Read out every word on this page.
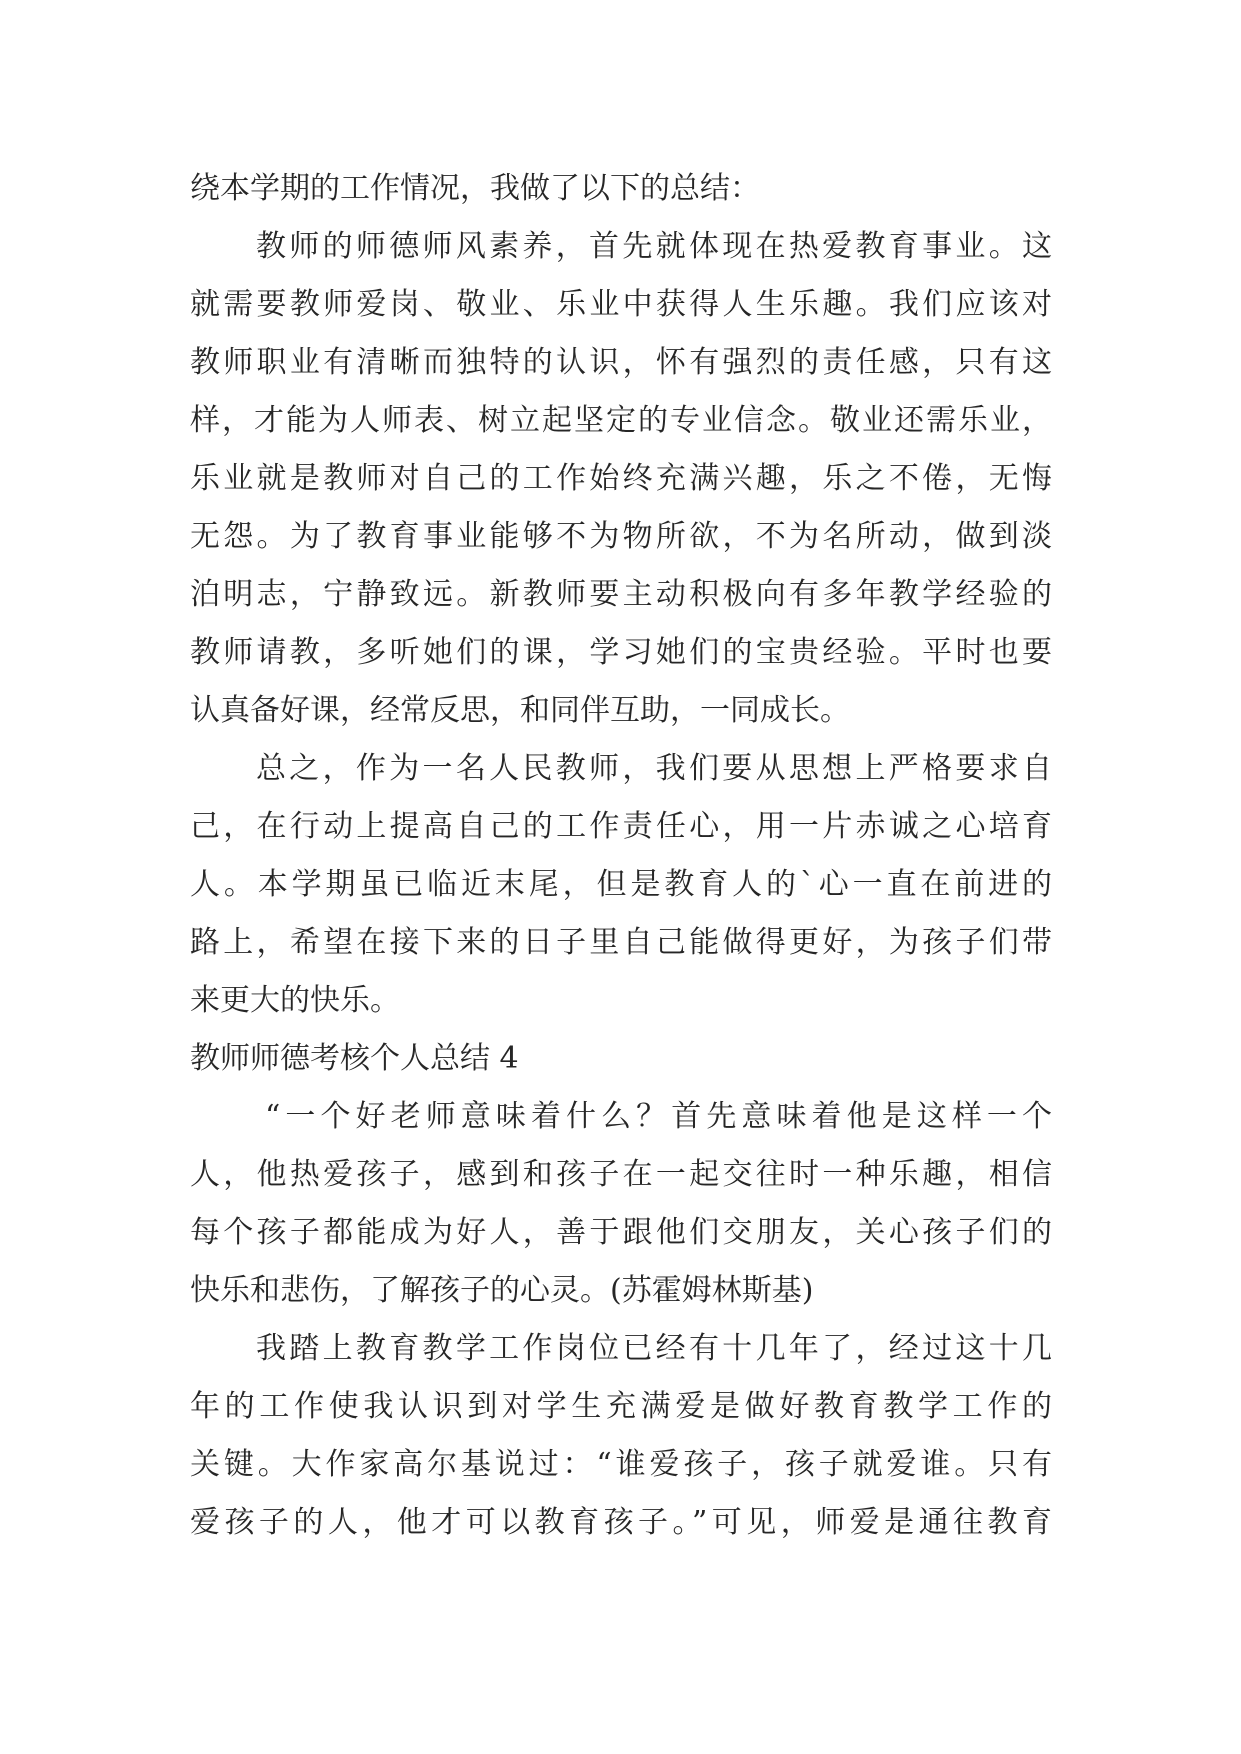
绕本学期的工作情况，我做了以下的总结：
教师的师德师风素养，首先就体现在热爱教育事业。这
就需要教师爱岗、敬业、乐业中获得人生乐趣。我们应该对
教师职业有清晰而独特的认识，怀有强烈的责任感，只有这
样，才能为人师表、树立起坚定的专业信念。敬业还需乐业，
乐业就是教师对自己的工作始终充满兴趣，乐之不倦，无悔
无怨。为了教育事业能够不为物所欲，不为名所动，做到淡
泊明志，宁静致远。新教师要主动积极向有多年教学经验的
教师请教，多听她们的课，学习她们的宝贵经验。平时也要
认真备好课，经常反思，和同伴互助，一同成长。
总之，作为一名人民教师，我们要从思想上严格要求自
己，在行动上提高自己的工作责任心，用一片赤诚之心培育
人。本学期虽已临近末尾，但是教育人的`心一直在前进的
路上，希望在接下来的日子里自己能做得更好，为孩子们带
来更大的快乐。
教师师德考核个人总结 4
“一个好老师意味着什么？首先意味着他是这样一个
人，他热爱孩子，感到和孩子在一起交往时一种乐趣，相信
每个孩子都能成为好人，善于跟他们交朋友，关心孩子们的
快乐和悲伤，了解孩子的心灵。(苏霍姆林斯基)
我踏上教育教学工作岗位已经有十几年了，经过这十几
年的工作使我认识到对学生充满爱是做好教育教学工作的
关键。大作家高尔基说过：“谁爱孩子，孩子就爱谁。只有
爱孩子的人，他才可以教育孩子。”可见，师爱是通往教育
